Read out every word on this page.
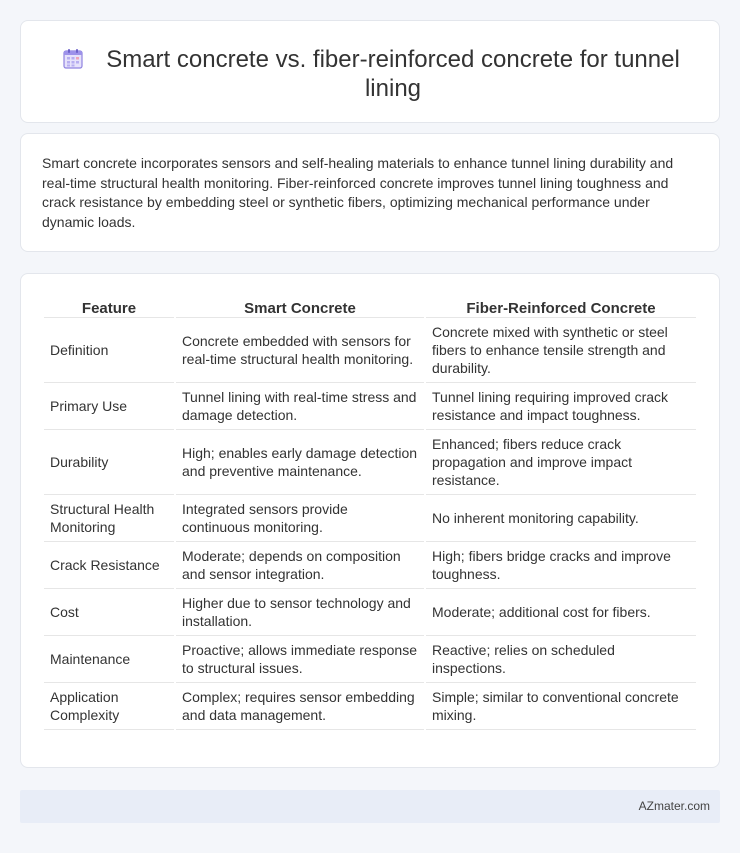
Smart concrete vs. fiber-reinforced concrete for tunnel lining

Smart concrete incorporates sensors and self-healing materials to enhance tunnel lining durability and real-time structural health monitoring. Fiber-reinforced concrete improves tunnel lining toughness and crack resistance by embedding steel or synthetic fibers, optimizing mechanical performance under dynamic loads.

Feature	Smart Concrete	Fiber-Reinforced Concrete
Definition	Concrete embedded with sensors for real-time structural health monitoring.	Concrete mixed with synthetic or steel fibers to enhance tensile strength and durability.
Primary Use	Tunnel lining with real-time stress and damage detection.	Tunnel lining requiring improved crack resistance and impact toughness.
Durability	High; enables early damage detection and preventive maintenance.	Enhanced; fibers reduce crack propagation and improve impact resistance.
Structural Health Monitoring	Integrated sensors provide continuous monitoring.	No inherent monitoring capability.
Crack Resistance	Moderate; depends on composition and sensor integration.	High; fibers bridge cracks and improve toughness.
Cost	Higher due to sensor technology and installation.	Moderate; additional cost for fibers.
Maintenance	Proactive; allows immediate response to structural issues.	Reactive; relies on scheduled inspections.
Application Complexity	Complex; requires sensor embedding and data management.	Simple; similar to conventional concrete mixing.
AZmater.com
